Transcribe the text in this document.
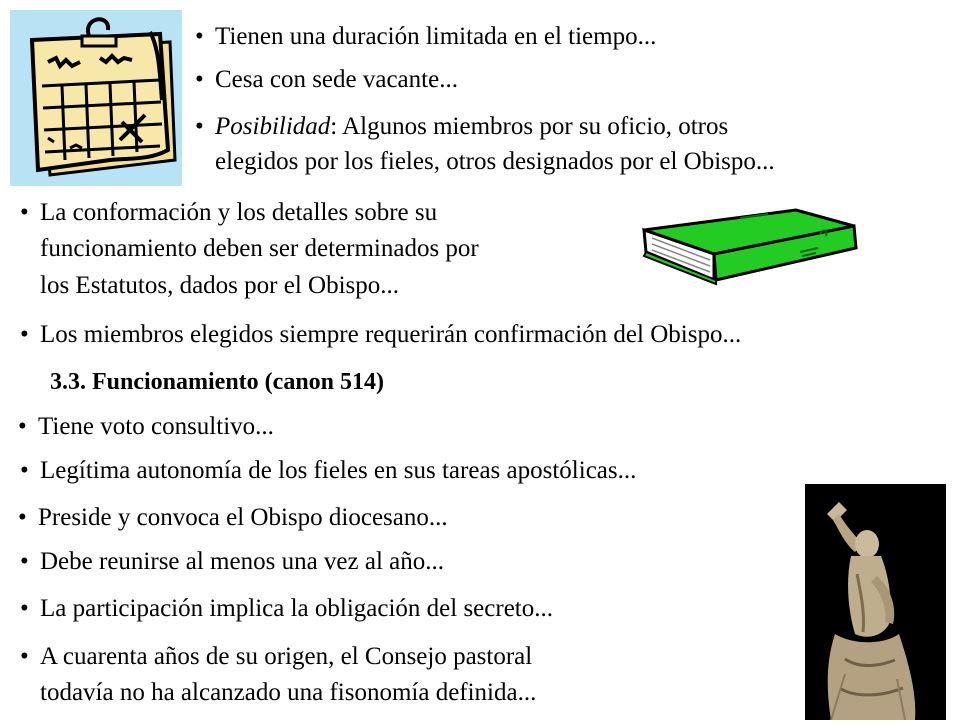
• Tienen una duración limitada en el tiempo...
• Cesa con sede vacante...
• Posibilidad: Algunos miembros por su oficio, otros
elegidos por los fieles, otros designados por el Obispo...
• La conformación y los detalles sobre su
funcionamiento deben ser determinados por
los Estatutos, dados por el Obispo...
• Los miembros elegidos siempre requerirán confirmación del Obispo...
3.3. Funcionamiento (canon 514)
• Tiene voto consultivo...
• Legítima autonomía de los fieles en sus tareas apostólicas...
• Preside y convoca el Obispo diocesano...
• Debe reunirse al menos una vez al año...
• La participación implica la obligación del secreto...
• A cuarenta años de su origen, el Consejo pastoral
todavía no ha alcanzado una fisonomía definida...
